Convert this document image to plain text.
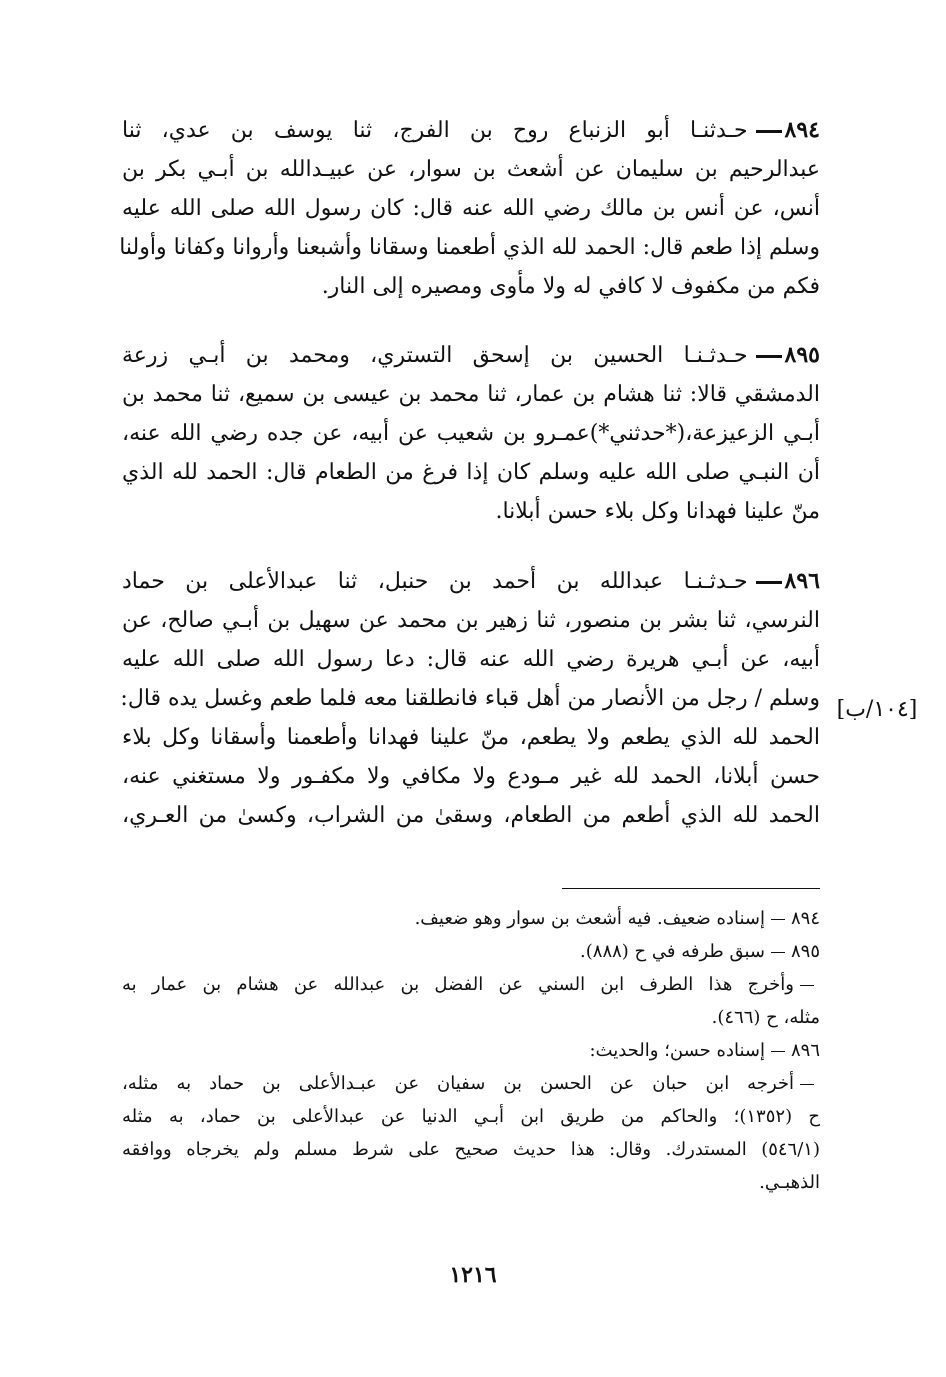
٨٩٤حـدثنـا أبو الزنباع روح بن الفرج، ثنا يوسف بن عدي، ثنا
عبدالرحيم بن سليمان عن أشعث بن سوار، عن عبيـدالله بن أبـي بكر بن
أنس، عن أنس بن مالك رضي الله عنه قال: كان رسول الله صلى الله عليه
وسلم إذا طعم قال: الحمد لله الذي أطعمنا وسقانا وأشبعنا وأروانا وكفانا وأولنا
فكم من مكفوف لا كافي له ولا مأوى ومصيره إلى النار.
٨٩٥حـدثـنـا الحسين بن إسحق التستري، ومحمد بن أبـي زرعة
الدمشقي قالا: ثنا هشام بن عمار، ثنا محمد بن عيسى بن سميع، ثنا محمد بن
أبـي الزعيزعة،(*حدثني*)عمـرو بن شعيب عن أبيه، عن جده رضي الله عنه،
أن النبـي صلى الله عليه وسلم كان إذا فرغ من الطعام قال: الحمد لله الذي
منّ علينا فهدانا وكل بلاء حسن أبلانا.
٨٩٦حـدثـنـا عبدالله بن أحمد بن حنبل، ثنا عبدالأعلى بن حماد
النرسي، ثنا بشر بن منصور، ثنا زهير بن محمد عن سهيل بن أبـي صالح، عن
أبيه، عن أبـي هريرة رضي الله عنه قال: دعا رسول الله صلى الله عليه
وسلم / رجل من الأنصار من أهل قباء فانطلقنا معه فلما طعم وغسل يده قال:
الحمد لله الذي يطعم ولا يطعم، منّ علينا فهدانا وأطعمنا وأسقانا وكل بلاء
حسن أبلانا، الحمد لله غير مـودع ولا مكافي ولا مكفـور ولا مستغني عنه،
الحمد لله الذي أطعم من الطعام، وسقىٰ من الشراب، وكسىٰ من العـري،
[١٠٤/ب]
٨٩٤إسناده ضعيف. فيه أشعث بن سوار وهو ضعيف.
٨٩٥سبق طرفه في ح (٨٨٨).
وأخرج هذا الطرف ابن السني عن الفضل بن عبدالله عن هشام بن عمار به
مثله، ح (٤٦٦).
٨٩٦إسناده حسن؛ والحديث:
أخرجه ابن حبان عن الحسن بن سفيان عن عبـدالأعلى بن حماد به مثله،
ح (١٣٥٢)؛ والحاكم من طريق ابن أبـي الدنيا عن عبدالأعلى بن حماد، به مثله
(٥٤٦/١) المستدرك. وقال: هذا حديث صحيح على شرط مسلم ولم يخرجاه ووافقه
الذهبـي.
١٢١٦
